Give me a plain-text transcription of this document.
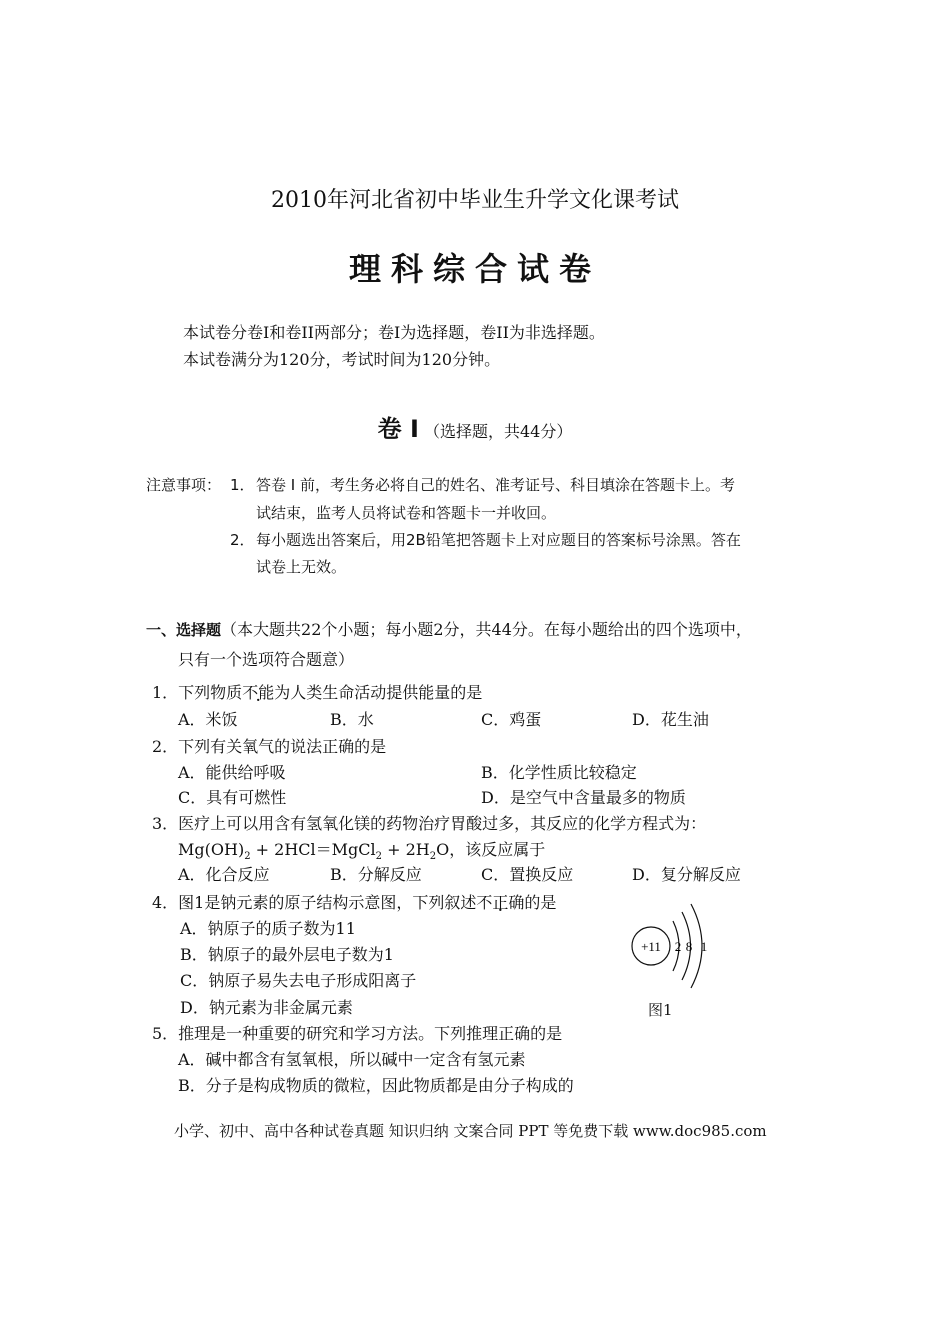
2010年河北省初中毕业生升学文化课考试
理科综合试卷
本试卷分卷I和卷II两部分；卷I为选择题，卷II为非选择题。
本试卷满分为120分，考试时间为120分钟。
卷 I （选择题，共44分）
注意事项： 1． 答卷 I 前，考生务必将自己的姓名、准考证号、科目填涂在答题卡上。考
试结束，监考人员将试卷和答题卡一并收回。
2． 每小题选出答案后，用2B铅笔把答题卡上对应题目的答案标号涂黑。答在
试卷上无效。
一、选择题（本大题共22个小题；每小题2分，共44分。在每小题给出的四个选项中，
只有一个选项符合题意）
1．下列物质不能为人类生命活动提供能量的是
A．米饭	B．水	C．鸡蛋	D．花生油
2．下列有关氧气的说法正确的是
A．能供给呼吸	B．化学性质比较稳定
C．具有可燃性	D．是空气中含量最多的物质
3．医疗上可以用含有氢氧化镁的药物治疗胃酸过多，其反应的化学方程式为：
$Mg(OH)_2$ + 2HCl＝MgCl$_2$ + $2H_2O$，该反应属于
A．化合反应	B．分解反应	C．置换反应	D．复分解反应
4．图1是钠元素的原子结构示意图，下列叙述不正确的是
A．钠原子的质子数为11
B．钠原子的最外层电子数为1
C．钠原子易失去电子形成阳离子
D．钠元素为非金属元素
+11 2 8 1
图1
5．推理是一种重要的研究和学习方法。下列推理正确的是
A．碱中都含有氢氧根，所以碱中一定含有氢元素
B．分子是构成物质的微粒，因此物质都是由分子构成的
小学、初中、高中各种试卷真题 知识归纳 文案合同 PPT 等免费下载 www.doc985.com
